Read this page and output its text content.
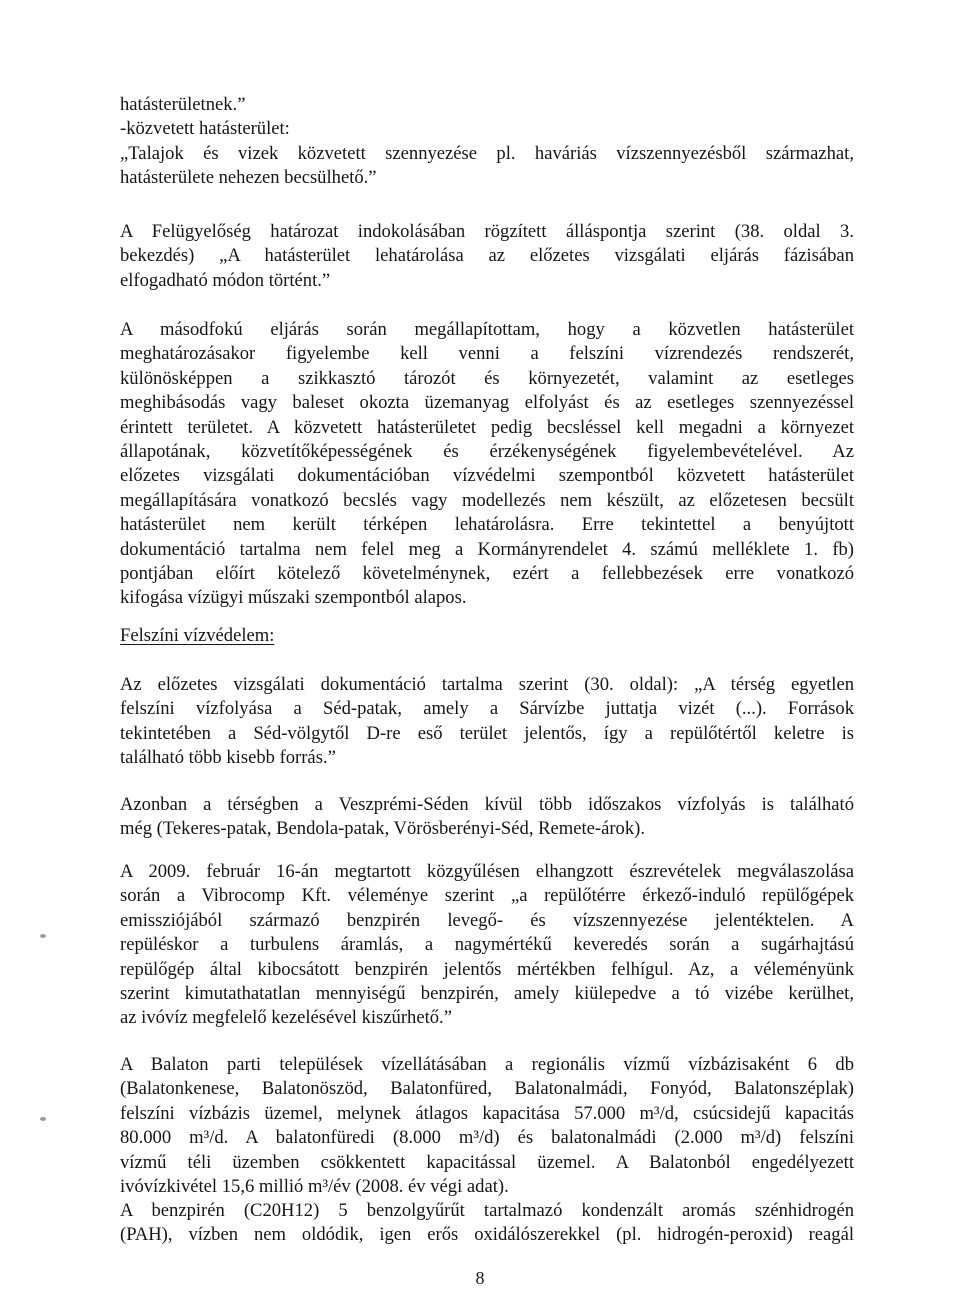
hatásterületnek.”
-közvetett hatásterület:
„Talajok és vizek közvetett szennyezése pl. haváriás vízszennyezésből származhat,
hatásterülete nehezen becsülhető.”
A Felügyelőség határozat indokolásában rögzített álláspontja szerint (38. oldal 3.
bekezdés) „A hatásterület lehatárolása az előzetes vizsgálati eljárás fázisában
elfogadható módon történt.”
A másodfokú eljárás során megállapítottam, hogy a közvetlen hatásterület
meghatározásakor figyelembe kell venni a felszíni vízrendezés rendszerét,
különösképpen a szikkasztó tározót és környezetét, valamint az esetleges
meghibásodás vagy baleset okozta üzemanyag elfolyást és az esetleges szennyezéssel
érintett területet. A közvetett hatásterületet pedig becsléssel kell megadni a környezet
állapotának, közvetítőképességének és érzékenységének figyelembevételével. Az
előzetes vizsgálati dokumentációban vízvédelmi szempontból közvetett hatásterület
megállapítására vonatkozó becslés vagy modellezés nem készült, az előzetesen becsült
hatásterület nem került térképen lehatárolásra. Erre tekintettel a benyújtott
dokumentáció tartalma nem felel meg a Kormányrendelet 4. számú melléklete 1. fb)
pontjában előírt kötelező követelménynek, ezért a fellebbezések erre vonatkozó
kifogása vízügyi műszaki szempontból alapos.
Felszíni vízvédelem:
Az előzetes vizsgálati dokumentáció tartalma szerint (30. oldal): „A térség egyetlen
felszíni vízfolyása a Séd-patak, amely a Sárvízbe juttatja vizét (...). Források
tekintetében a Séd-völgytől D-re eső terület jelentős, így a repülőtértől keletre is
található több kisebb forrás.”
Azonban a térségben a Veszprémi-Séden kívül több időszakos vízfolyás is található
még (Tekeres-patak, Bendola-patak, Vörösberényi-Séd, Remete-árok).
A 2009. február 16-án megtartott közgyűlésen elhangzott észrevételek megválaszolása
során a Vibrocomp Kft. véleménye szerint „a repülőtérre érkező-induló repülőgépek
emissziójából származó benzpirén levegő- és vízszennyezése jelentéktelen. A
repüléskor a turbulens áramlás, a nagymértékű keveredés során a sugárhajtású
repülőgép által kibocsátott benzpirén jelentős mértékben felhígul. Az, a véleményünk
szerint kimutathatatlan mennyiségű benzpirén, amely kiülepedve a tó vizébe kerülhet,
az ivóvíz megfelelő kezelésével kiszűrhető.”
A Balaton parti települések vízellátásában a regionális vízmű vízbázisaként 6 db
(Balatonkenese, Balatonöszöd, Balatonfüred, Balatonalmádi, Fonyód, Balatonszéplak)
felszíni vízbázis üzemel, melynek átlagos kapacitása 57.000 m³/d, csúcsidejű kapacitás
80.000 m³/d. A balatonfüredi (8.000 m³/d) és balatonalmádi (2.000 m³/d) felszíni
vízmű téli üzemben csökkentett kapacitással üzemel. A Balatonból engedélyezett
ivóvízkivétel 15,6 millió m³/év (2008. év végi adat).
A benzpirén (C20H12) 5 benzolgyűrűt tartalmazó kondenzált aromás szénhidrogén
(PAH), vízben nem oldódik, igen erős oxidálószerekkel (pl. hidrogén-peroxid) reagál
8
